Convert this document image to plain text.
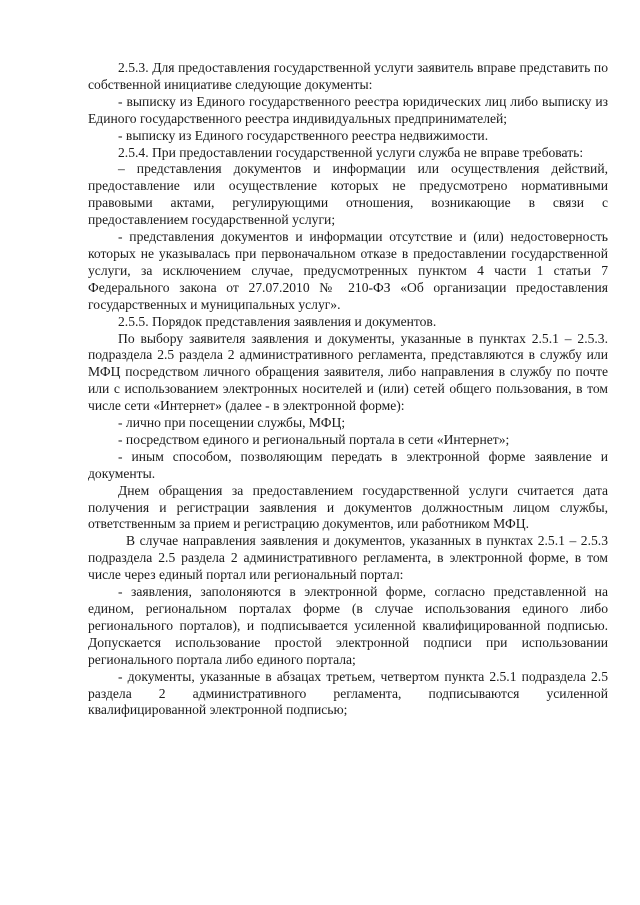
2.5.3. Для предоставления государственной услуги заявитель вправе представить по собственной инициативе следующие документы:

- выписку из Единого государственного реестра юридических лиц либо выписку из Единого государственного реестра индивидуальных предпринимателей;

- выписку из Единого государственного реестра недвижимости.

2.5.4. При предоставлении государственной услуги служба не вправе требовать:

– представления документов и информации или осуществления действий, предоставление или осуществление которых не предусмотрено нормативными правовыми актами, регулирующими отношения, возникающие в связи с предоставлением государственной услуги;

- представления документов и информации отсутствие и (или) недостоверность которых не указывалась при первоначальном отказе в предоставлении государственной услуги, за исключением случае, предусмотренных пунктом 4 части 1 статьи 7 Федерального закона от 27.07.2010 № 210-ФЗ «Об организации предоставления государственных и муниципальных услуг».

2.5.5. Порядок представления заявления и документов.

По выбору заявителя заявления и документы, указанные в пунктах 2.5.1 – 2.5.3. подраздела 2.5 раздела 2 административного регламента, представляются в службу или МФЦ посредством личного обращения заявителя, либо направления в службу по почте или с использованием электронных носителей и (или) сетей общего пользования, в том числе сети «Интернет» (далее - в электронной форме):

- лично при посещении службы, МФЦ;

- посредством единого и региональный портала в сети «Интернет»;

- иным способом, позволяющим передать в электронной форме заявление и документы.

Днем обращения за предоставлением государственной услуги считается дата получения и регистрации заявления и документов должностным лицом службы, ответственным за прием и регистрацию документов, или работником МФЦ.

В случае направления заявления и документов, указанных в пунктах 2.5.1 – 2.5.3 подраздела 2.5 раздела 2 административного регламента, в электронной форме, в том числе через единый портал или региональный портал:

- заявления, заполоняются в электронной форме, согласно представленной на едином, региональном порталах форме (в случае использования единого либо регионального порталов), и подписывается усиленной квалифицированной подписью. Допускается использование простой электронной подписи при использовании регионального портала либо единого портала;

- документы, указанные в абзацах третьем, четвертом пункта 2.5.1 подраздела 2.5 раздела 2 административного регламента, подписываются усиленной квалифицированной электронной подписью;
